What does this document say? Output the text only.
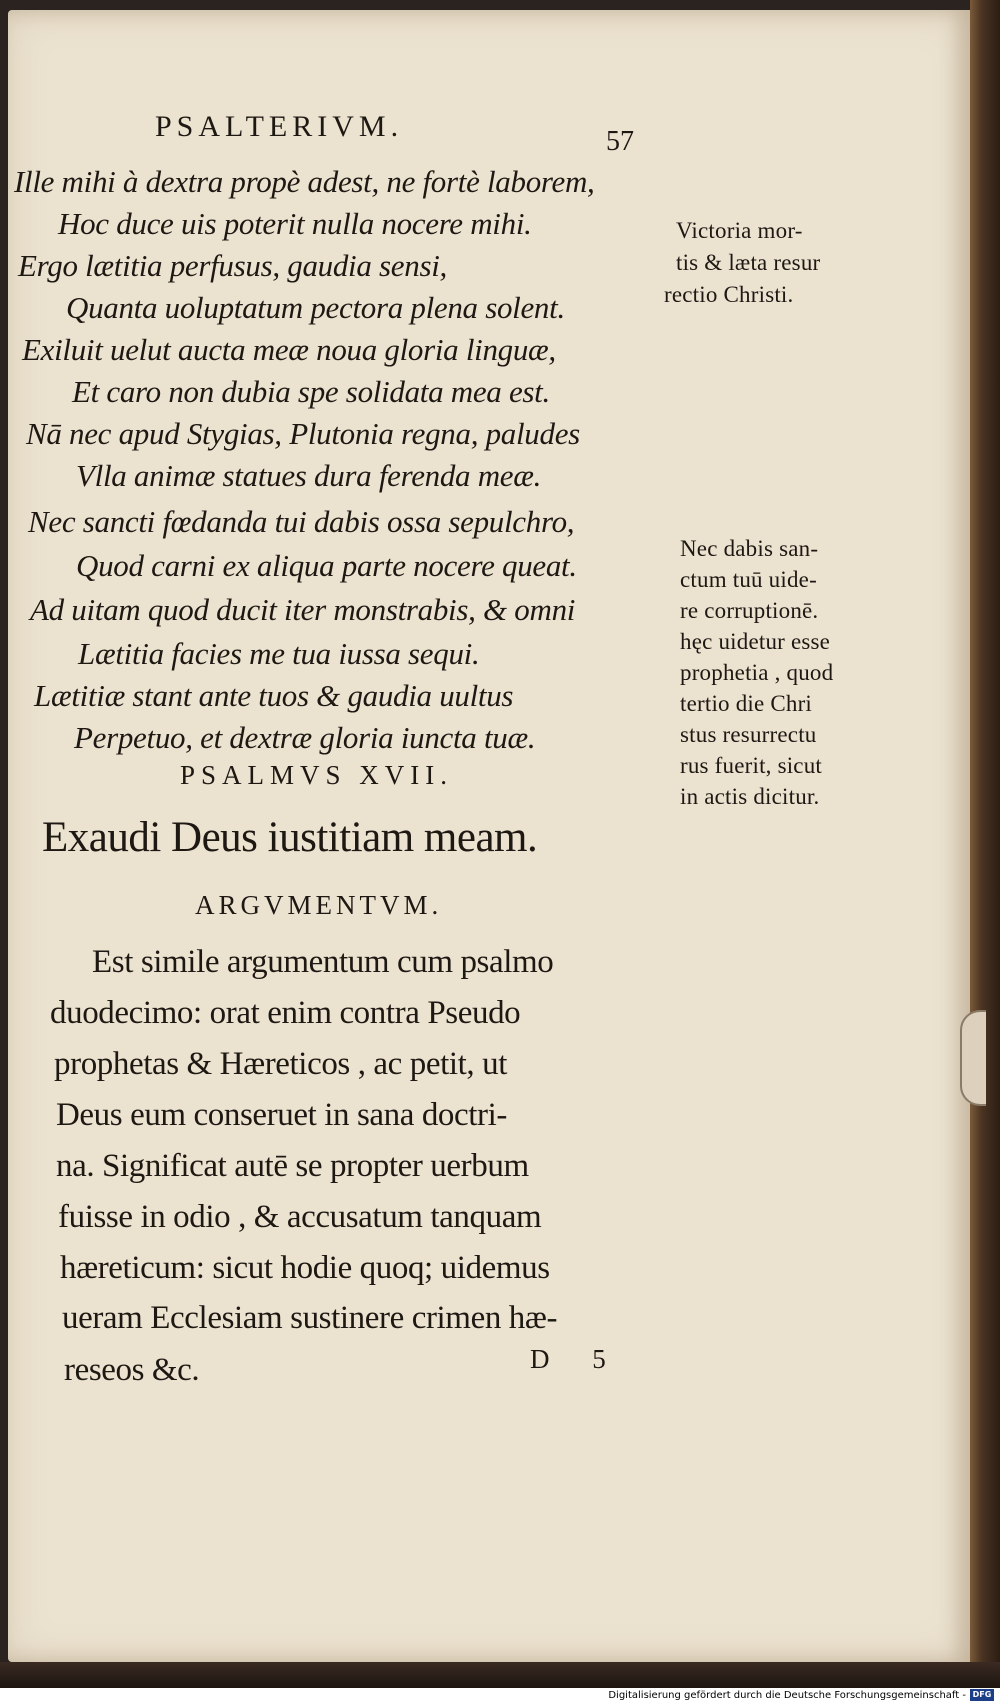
PSALTERIVM.	57
Ille mihi à dextra propè adest, ne fortè laborem,
Hoc duce uis poterit nulla nocere mihi.
Ergo lætitia perfusus, gaudia sensi,
Quanta uoluptatum pectora plena solent.
Exiluit uelut aucta meæ noua gloria linguæ,
Et caro non dubia spe solidata mea est.
Nā nec apud Stygias, Plutonia regna, paludes
Vlla animæ statues dura ferenda meæ.
Nec sancti fœdanda tui dabis ossa sepulchro,
Quod carni ex aliqua parte nocere queat.
Ad uitam quod ducit iter monstrabis, & omni
Lætitia facies me tua iussa sequi.
Lætitiæ stant ante tuos & gaudia uultus
Perpetuo, et dextræ gloria iuncta tuæ.
PSALMVS XVII.
Exaudi Deus iustitiam meam.
ARGVMENTVM.
Est simile argumentum cum psalmo
duodecimo: orat enim contra Pseudo
prophetas & Hæreticos , ac petit, ut
Deus eum conseruet in sana doctri-
na. Significat autē se propter uerbum
fuisse in odio , & accusatum tanquam
hæreticum: sicut hodie quoq; uidemus
ueram Ecclesiam sustinere crimen hæ-
reseos &c.
Victoria mor-
tis & læta resur
rectio Christi.
Nec dabis san-
ctum tuū uide-
re corruptionē.
hęc uidetur esse
prophetia , quod
tertio die Chri
stus resurrectu
rus fuerit, sicut
in actis dicitur.
D 5
Digitalisierung gefördert durch die Deutsche Forschungsgemeinschaft - DFG
